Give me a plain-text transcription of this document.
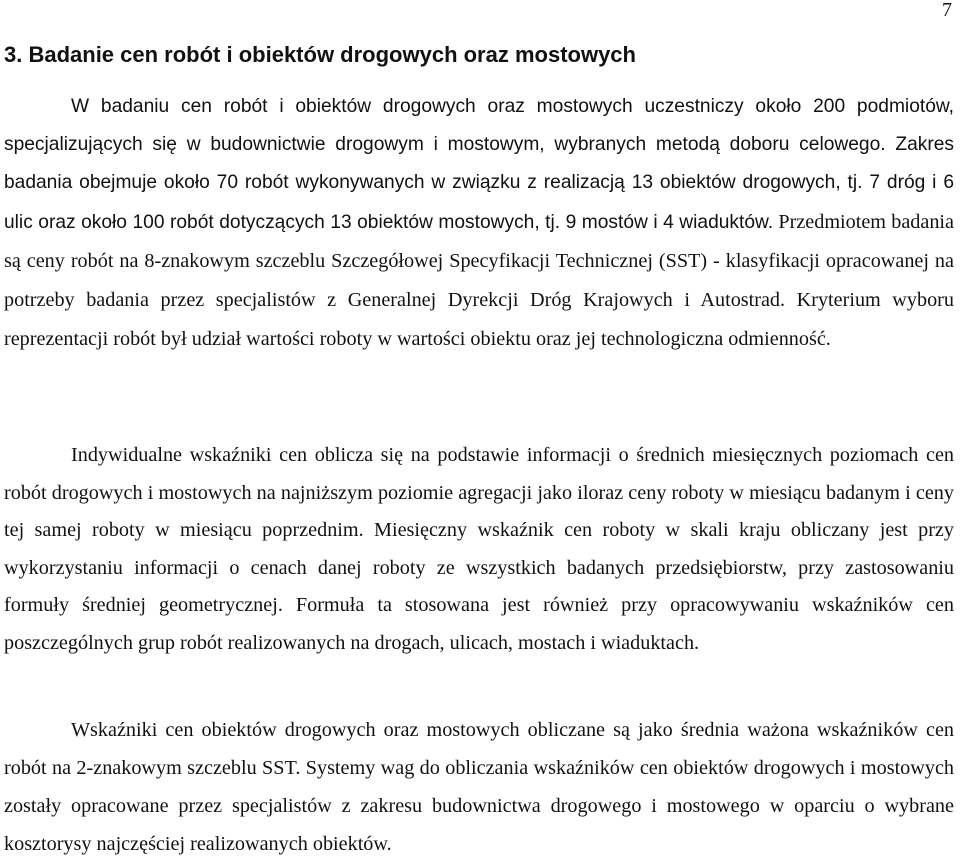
7
3. Badanie cen robót i obiektów drogowych oraz mostowych

W badaniu cen robót i obiektów drogowych oraz mostowych uczestniczy około 200 podmiotów, specjalizujących się w budownictwie drogowym i mostowym, wybranych metodą doboru celowego. Zakres badania obejmuje około 70 robót wykonywanych w związku z realizacją 13 obiektów drogowych, tj. 7 dróg i 6 ulic oraz około 100 robót dotyczących 13 obiektów mostowych, tj. 9 mostów i 4 wiaduktów. Przedmiotem badania są ceny robót na 8-znakowym szczeblu Szczegółowej Specyfikacji Technicznej (SST) - klasyfikacji opracowanej na potrzeby badania przez specjalistów z Generalnej Dyrekcji Dróg Krajowych i Autostrad. Kryterium wyboru reprezentacji robót był udział wartości roboty w wartości obiektu oraz jej technologiczna odmienność.

Indywidualne wskaźniki cen oblicza się na podstawie informacji o średnich miesięcznych poziomach cen robót drogowych i mostowych na najniższym poziomie agregacji jako iloraz ceny roboty w miesiącu badanym i ceny tej samej roboty w miesiącu poprzednim. Miesięczny wskaźnik cen roboty w skali kraju obliczany jest przy wykorzystaniu informacji o cenach danej roboty ze wszystkich badanych przedsiębiorstw, przy zastosowaniu formuły średniej geometrycznej. Formuła ta stosowana jest również przy opracowywaniu wskaźników cen poszczególnych grup robót realizowanych na drogach, ulicach, mostach i wiaduktach.

Wskaźniki cen obiektów drogowych oraz mostowych obliczane są jako średnia ważona wskaźników cen robót na 2-znakowym szczeblu SST. Systemy wag do obliczania wskaźników cen obiektów drogowych i mostowych zostały opracowane przez specjalistów z zakresu budownictwa drogowego i mostowego w oparciu o wybrane kosztorysy najczęściej realizowanych obiektów.
